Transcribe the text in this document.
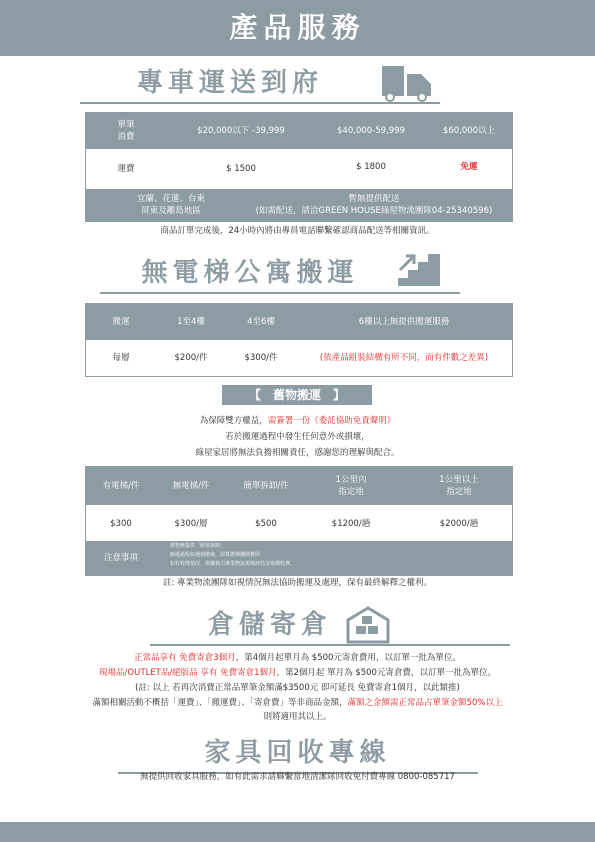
產品服務
專車運送到府
單筆
消費
$20,000以下 -39,999	$40,000-59,999	$60,000以上
運費	$ 1500	$ 1800	免運
宜蘭、花蓮、台東
屏東及離島地區
暫無提供配送
(如需配送，請洽GREEN HOUSE綠屋物流團隊04-25340596)
商品訂單完成後，24小時內將由專員電話聯繫確認商品配送等相關資訊。
無電梯公寓搬運
搬運	1至4樓	4至6樓	6樓以上無提供搬運服務
每層	$200/件	$300/件	(依產品組裝結構有所不同，而有件數之差異)
【　舊物搬運　】
為保障雙方權益，需簽署一份《委託協助免責聲明》
若於搬運過程中發生任何意外或損壞，
綠屋家居將無法負擔相關責任，感謝您的理解與配合。
有電梯/件	無電梯/件	簡單拆卸/件
1公里內
指定地
1公里以上
指定地
$300	$300/層	$500	$1200/趟	$2000/趟
注意事項
舊物無提供「組裝拆卸」
搬運過程如遇到階梯，即算階梯樓層費用
如有特殊情況，依據我司專業物流現場評估及報價收費。
註: 專業物流團隊如視情況無法協助搬運及處理，保有最終解釋之權利。
倉儲寄倉
正常品享有 免費寄倉3個月，第4個月起單月為 $500元寄倉費用，以訂單一批為單位。
現場品/OUTLET品/絕版品 享有 免費寄倉1個月，第2個月起 單月為 $500元寄倉費，以訂單一批為單位。
(註: 以上 若再次消費正常品單筆金額滿$3500元 即可延長 免費寄倉1個月，以此類推)
滿額相關活動不概括「運費」、「搬運費」、「寄倉費」等非商品金額，滿額之金額需正常品占單筆金額50%以上
則將適用其以上。
家具回收專線
無提供回收家具服務，如有此需求請聯繫當地清潔隊回收免付費專線 0800-085717
